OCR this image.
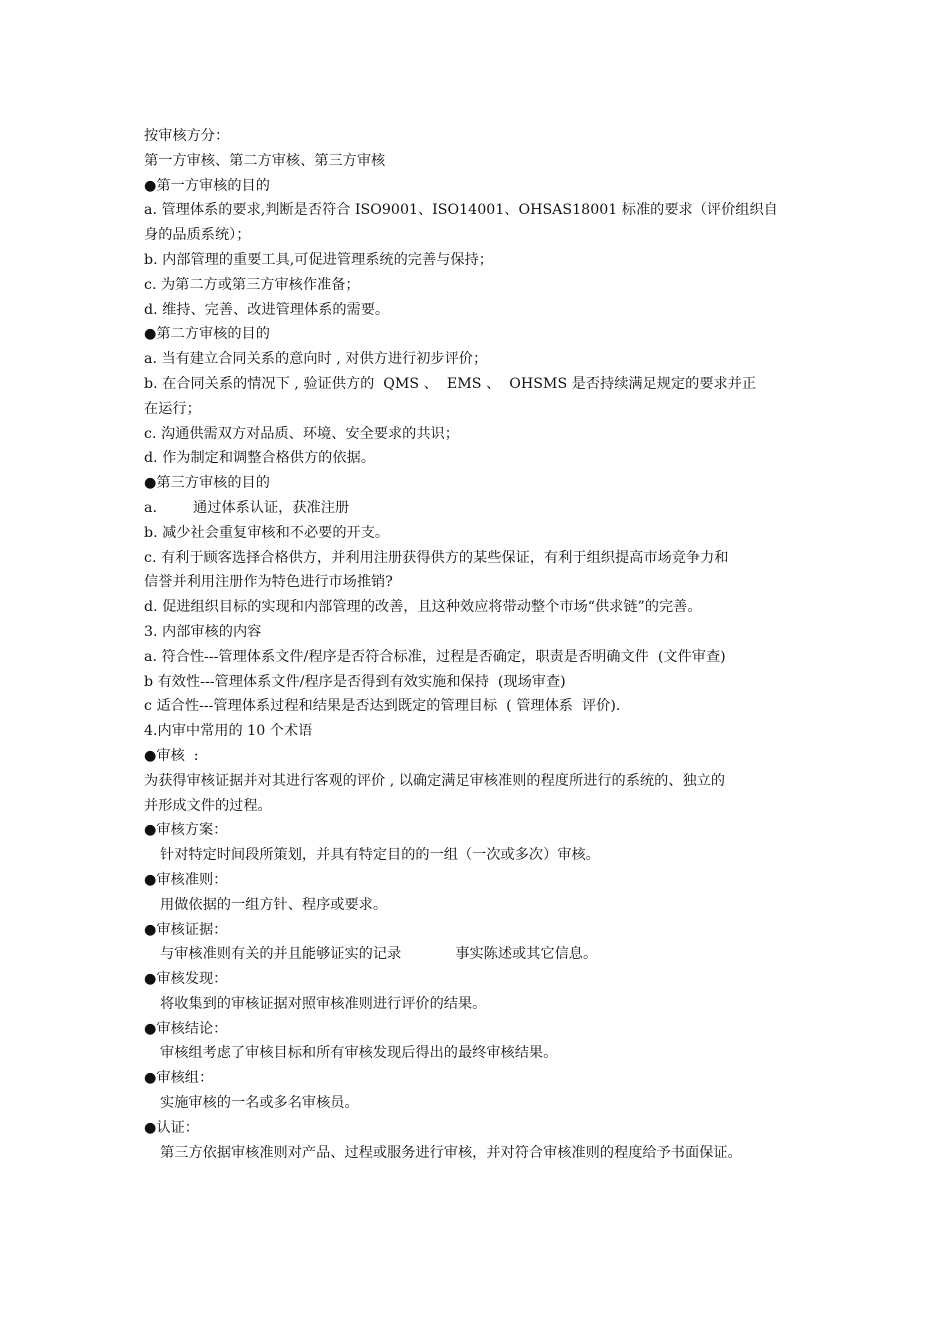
按审核方分：
第一方审核、第二方审核、第三方审核
●第一方审核的目的
a. 管理体系的要求,判断是否符合 ISO9001、ISO14001、OHSAS18001 标准的要求（评价组织自
身的品质系统）；
b. 内部管理的重要工具,可促进管理系统的完善与保持；
c. 为第二方或第三方审核作准备；
d. 维持、完善、改进管理体系的需要。
●第二方审核的目的
a. 当有建立合同关系的意向时 , 对供方进行初步评价；
b. 在合同关系的情况下 , 验证供方的  QMS 、  EMS 、  OHSMS 是否持续满足规定的要求并正
在运行；
c. 沟通供需双方对品质、环境、安全要求的共识；
d. 作为制定和调整合格供方的依据。
●第三方审核的目的
a.        通过体系认证，获准注册
b. 减少社会重复审核和不必要的开支。
c. 有利于顾客选择合格供方，并利用注册获得供方的某些保证，有利于组织提高市场竞争力和
信誉并利用注册作为特色进行市场推销?
d. 促进组织目标的实现和内部管理的改善，且这种效应将带动整个市场“供求链”的完善。
3. 内部审核的内容
a. 符合性---管理体系文件/程序是否符合标准，过程是否确定，职责是否明确文件  (文件审查)
b 有效性---管理体系文件/程序是否得到有效实施和保持  (现场审查)
c 适合性---管理体系过程和结果是否达到既定的管理目标  ( 管理体系  评价).
4.内审中常用的 10 个术语
●审核  :
为获得审核证据并对其进行客观的评价 , 以确定满足审核准则的程度所进行的系统的、独立的
并形成文件的过程。
●审核方案：
针对特定时间段所策划，并具有特定目的的一组（一次或多次）审核。
●审核准则：
用做依据的一组方针、程序或要求。
●审核证据：
与审核准则有关的并且能够证实的记录            事实陈述或其它信息。
●审核发现：
将收集到的审核证据对照审核准则进行评价的结果。
●审核结论：
审核组考虑了审核目标和所有审核发现后得出的最终审核结果。
●审核组：
实施审核的一名或多名审核员。
●认证：
第三方依据审核准则对产品、过程或服务进行审核，并对符合审核准则的程度给予书面保证。
